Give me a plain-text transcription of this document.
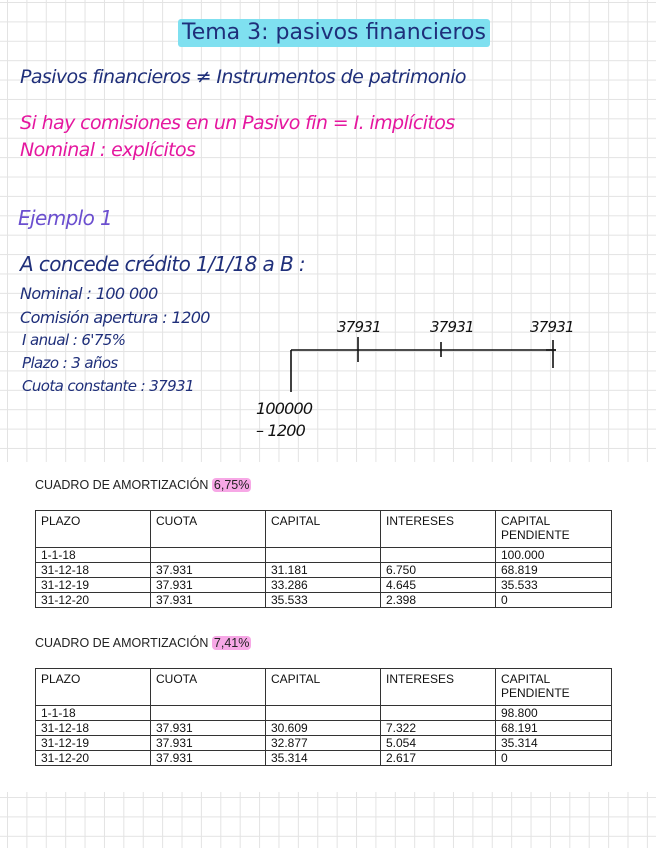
Tema 3: pasivos financieros
Pasivos financieros ≠ Instrumentos de patrimonio
Si hay comisiones en un Pasivo fin = I. implícitos
Nominal : explícitos
Ejemplo 1
A concede crédito 1/1/18 a B :
Nominal : 100 000
Comisión apertura : 1200
I anual : 6'75%
Plazo : 3 años
Cuota constante : 37931
37931	37931	37931
100000
– 1200
CUADRO DE AMORTIZACIÓN 6,75%
PLAZO	CUOTA	CAPITAL	INTERESES	CAPITAL PENDIENTE
1-1-18				100.000
31-12-18	37.931	31.181	6.750	68.819
31-12-19	37.931	33.286	4.645	35.533
31-12-20	37.931	35.533	2.398	0
CUADRO DE AMORTIZACIÓN 7,41%
PLAZO	CUOTA	CAPITAL	INTERESES	CAPITAL PENDIENTE
1-1-18				98.800
31-12-18	37.931	30.609	7.322	68.191
31-12-19	37.931	32.877	5.054	35.314
31-12-20	37.931	35.314	2.617	0
